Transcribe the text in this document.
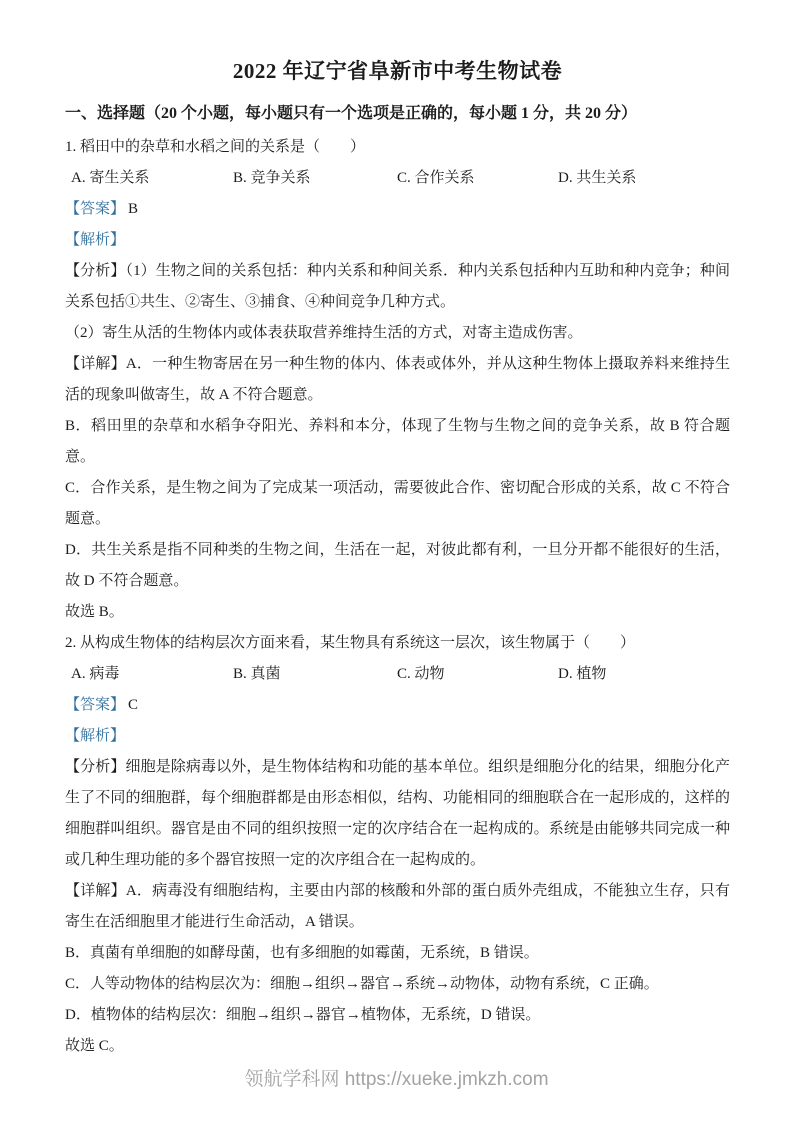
2022 年辽宁省阜新市中考生物试卷
一、选择题（20 个小题，每小题只有一个选项是正确的，每小题 1 分，共 20 分）

1. 稻田中的杂草和水稻之间的关系是（　　）

A. 寄生关系	B. 竞争关系	C. 合作关系	D. 共生关系

【答案】 B

【解析】

【分析】（1）生物之间的关系包括：种内关系和种间关系．种内关系包括种内互助和种内竞争；种间关系包括①共生、②寄生、③捕食、④种间竞争几种方式。

（2）寄生从活的生物体内或体表获取营养维持生活的方式，对寄主造成伤害。

【详解】A．一种生物寄居在另一种生物的体内、体表或体外，并从这种生物体上摄取养料来维持生活的现象叫做寄生，故 A 不符合题意。

B．稻田里的杂草和水稻争夺阳光、养料和本分，体现了生物与生物之间的竞争关系，故 B 符合题意。

C．合作关系，是生物之间为了完成某一项活动，需要彼此合作、密切配合形成的关系，故 C 不符合题意。

D．共生关系是指不同种类的生物之间，生活在一起，对彼此都有利，一旦分开都不能很好的生活，故 D 不符合题意。

故选 B。

2. 从构成生物体的结构层次方面来看，某生物具有系统这一层次，该生物属于（　　）

A. 病毒	B. 真菌	C. 动物	D. 植物

【答案】 C

【解析】

【分析】细胞是除病毒以外，是生物体结构和功能的基本单位。组织是细胞分化的结果，细胞分化产生了不同的细胞群，每个细胞群都是由形态相似，结构、功能相同的细胞联合在一起形成的，这样的细胞群叫组织。器官是由不同的组织按照一定的次序结合在一起构成的。系统是由能够共同完成一种或几种生理功能的多个器官按照一定的次序组合在一起构成的。

【详解】A．病毒没有细胞结构，主要由内部的核酸和外部的蛋白质外壳组成，不能独立生存，只有寄生在活细胞里才能进行生命活动，A 错误。

B．真菌有单细胞的如酵母菌，也有多细胞的如霉菌，无系统，B 错误。

C．人等动物体的结构层次为：细胞→组织→器官→系统→动物体，动物有系统，C 正确。

D．植物体的结构层次：细胞→组织→器官→植物体，无系统，D 错误。

故选 C。

领航学科网 https://xueke.jmkzh.com
